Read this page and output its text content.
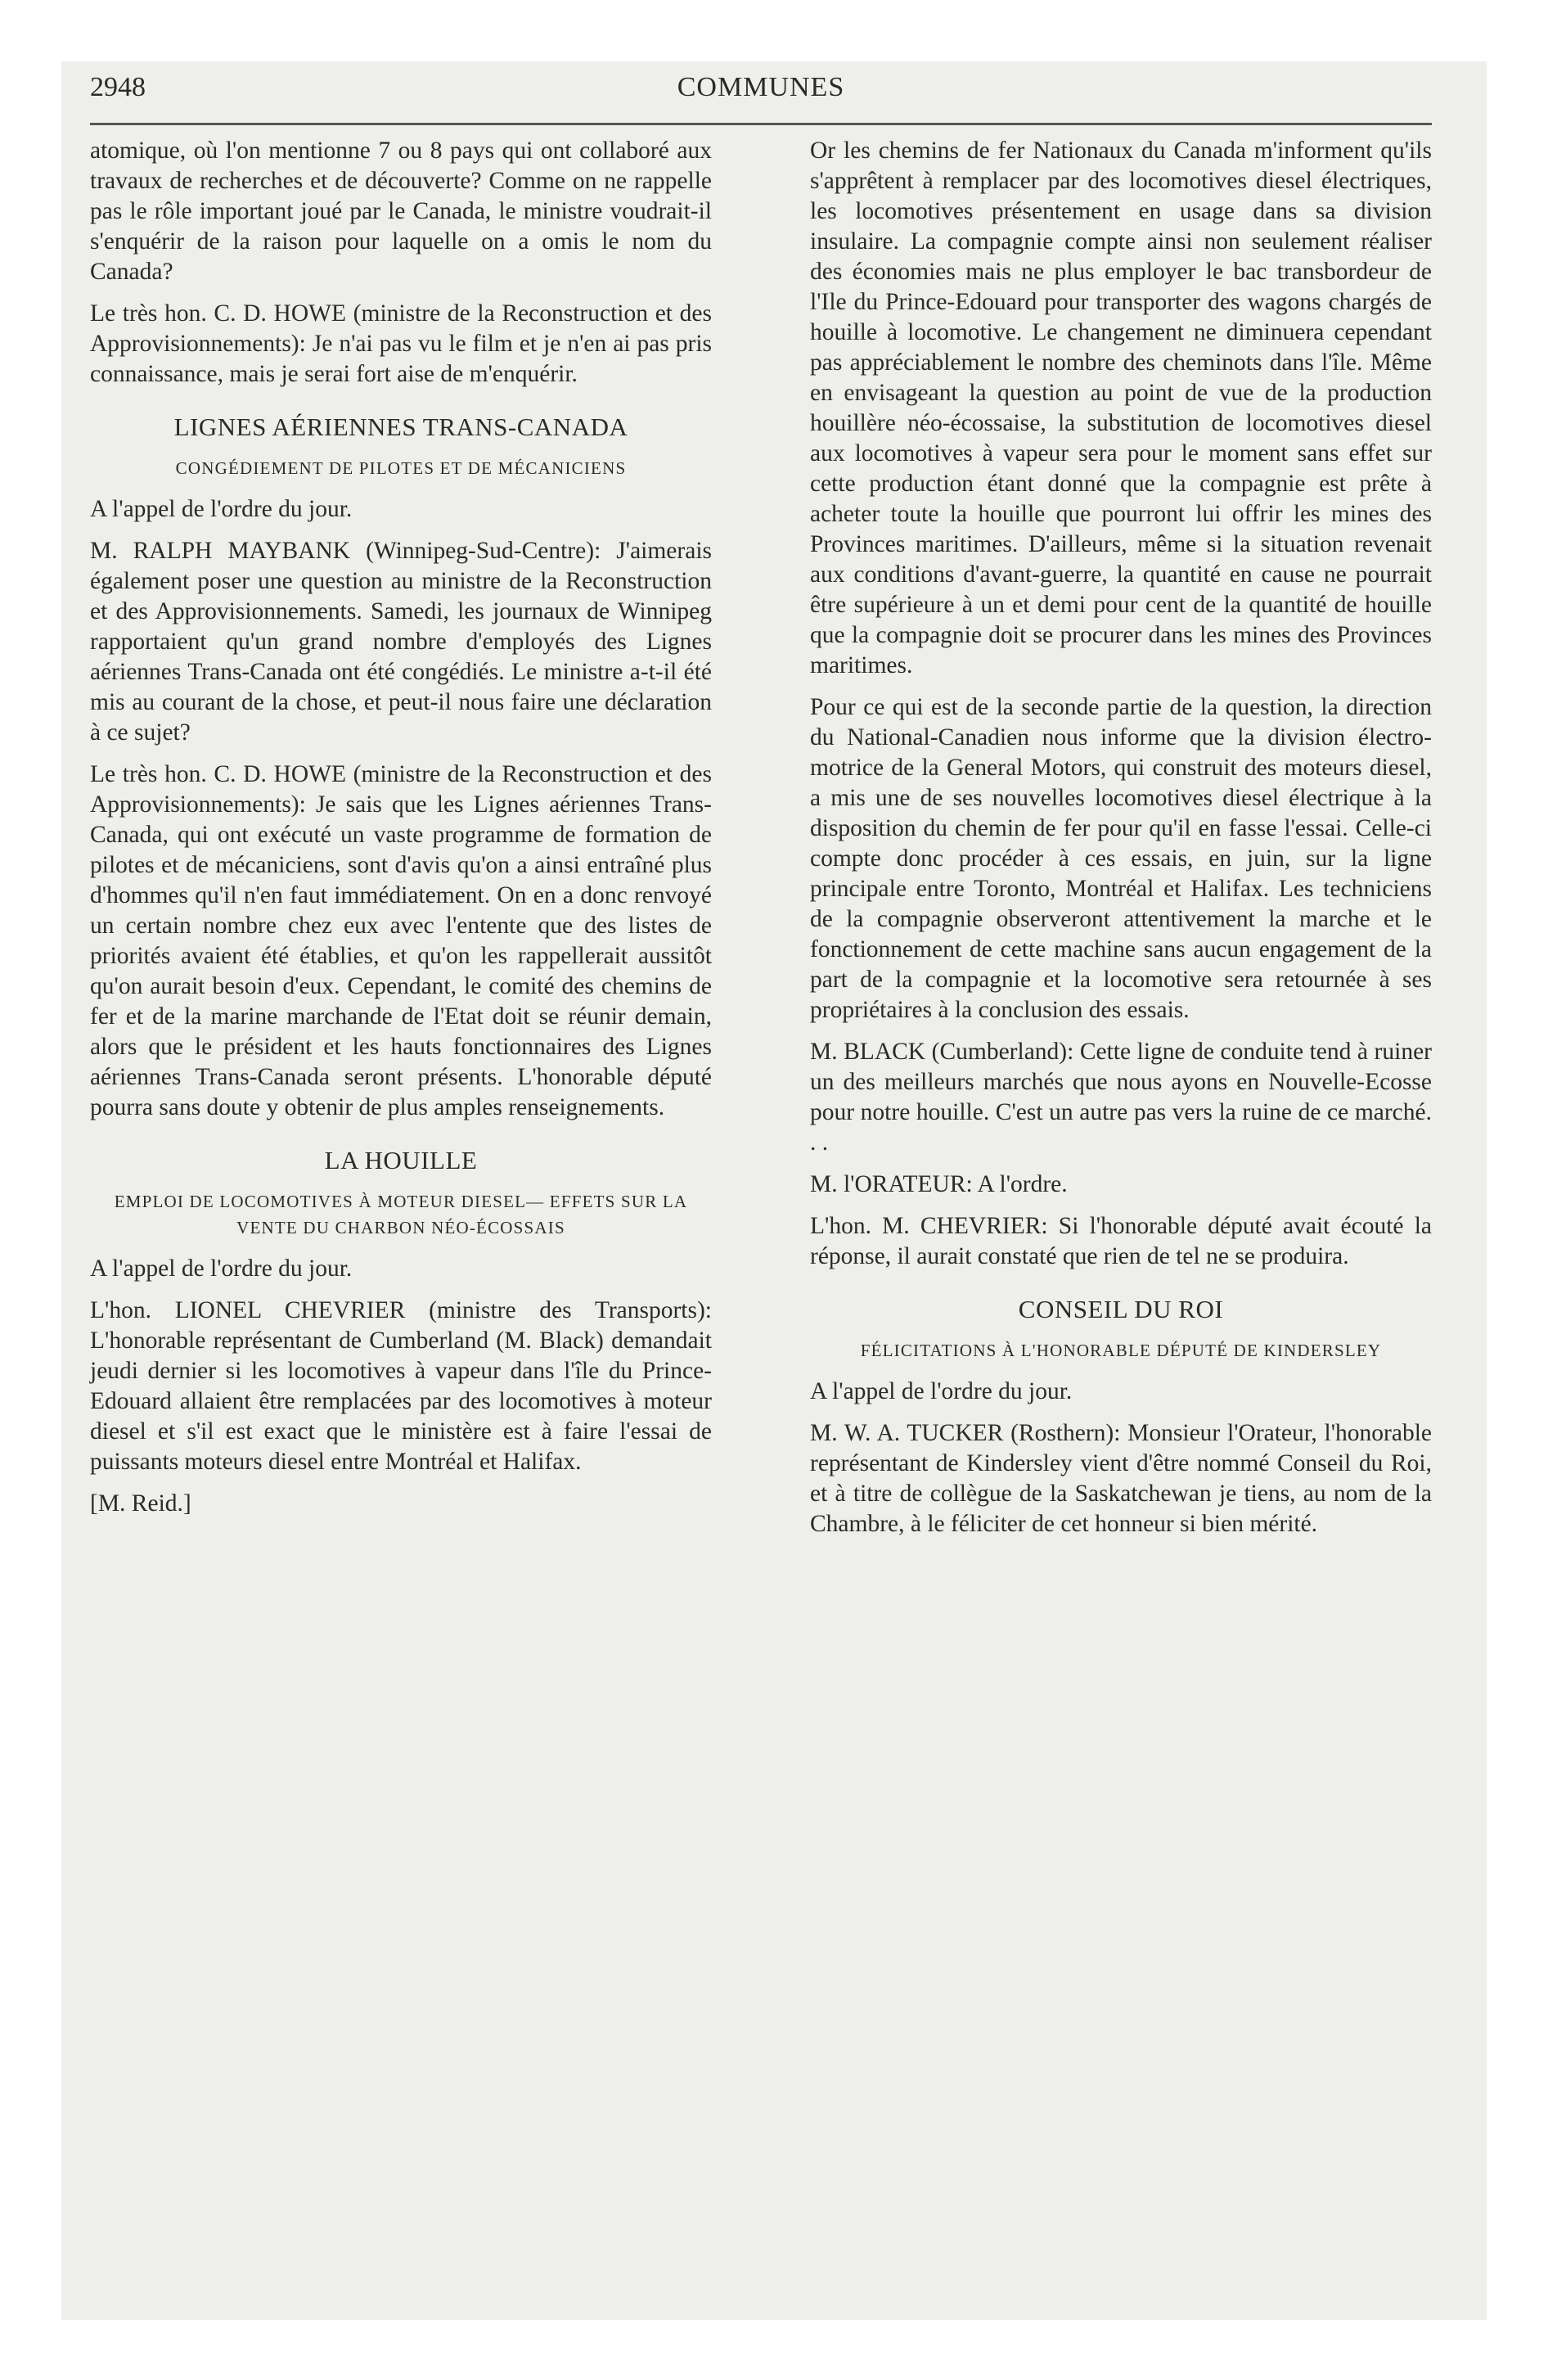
2948	COMMUNES

atomique, où l'on mentionne 7 ou 8 pays qui ont collaboré aux travaux de recherches et de découverte? Comme on ne rappelle pas le rôle important joué par le Canada, le ministre voudrait-il s'enquérir de la raison pour laquelle on a omis le nom du Canada?

Le très hon. C. D. HOWE (ministre de la Reconstruction et des Approvisionnements): Je n'ai pas vu le film et je n'en ai pas pris connaissance, mais je serai fort aise de m'enquérir.

LIGNES AÉRIENNES TRANS-CANADA
CONGÉDIEMENT DE PILOTES ET DE MÉCANICIENS

A l'appel de l'ordre du jour.

M. RALPH MAYBANK (Winnipeg-Sud-Centre): J'aimerais également poser une question au ministre de la Reconstruction et des Approvisionnements. Samedi, les journaux de Winnipeg rapportaient qu'un grand nombre d'employés des Lignes aériennes Trans-Canada ont été congédiés. Le ministre a-t-il été mis au courant de la chose, et peut-il nous faire une déclaration à ce sujet?

Le très hon. C. D. HOWE (ministre de la Reconstruction et des Approvisionnements): Je sais que les Lignes aériennes Trans-Canada, qui ont exécuté un vaste programme de formation de pilotes et de mécaniciens, sont d'avis qu'on a ainsi entraîné plus d'hommes qu'il n'en faut immédiatement. On en a donc renvoyé un certain nombre chez eux avec l'entente que des listes de priorités avaient été établies, et qu'on les rappellerait aussitôt qu'on aurait besoin d'eux. Cependant, le comité des chemins de fer et de la marine marchande de l'Etat doit se réunir demain, alors que le président et les hauts fonctionnaires des Lignes aériennes Trans-Canada seront présents. L'honorable député pourra sans doute y obtenir de plus amples renseignements.

LA HOUILLE
EMPLOI DE LOCOMOTIVES À MOTEUR DIESEL— EFFETS SUR LA VENTE DU CHARBON NÉO-ÉCOSSAIS

A l'appel de l'ordre du jour.

L'hon. LIONEL CHEVRIER (ministre des Transports): L'honorable représentant de Cumberland (M. Black) demandait jeudi dernier si les locomotives à vapeur dans l'île du Prince-Edouard allaient être remplacées par des locomotives à moteur diesel et s'il est exact que le ministère est à faire l'essai de puissants moteurs diesel entre Montréal et Halifax.

[M. Reid.]

Or les chemins de fer Nationaux du Canada m'informent qu'ils s'apprêtent à remplacer par des locomotives diesel électriques, les locomotives présentement en usage dans sa division insulaire. La compagnie compte ainsi non seulement réaliser des économies mais ne plus employer le bac transbordeur de l'Ile du Prince-Edouard pour transporter des wagons chargés de houille à locomotive. Le changement ne diminuera cependant pas appréciablement le nombre des cheminots dans l'île. Même en envisageant la question au point de vue de la production houillère néo-écossaise, la substitution de locomotives diesel aux locomotives à vapeur sera pour le moment sans effet sur cette production étant donné que la compagnie est prête à acheter toute la houille que pourront lui offrir les mines des Provinces maritimes. D'ailleurs, même si la situation revenait aux conditions d'avant-guerre, la quantité en cause ne pourrait être supérieure à un et demi pour cent de la quantité de houille que la compagnie doit se procurer dans les mines des Provinces maritimes.

Pour ce qui est de la seconde partie de la question, la direction du National-Canadien nous informe que la division électro-motrice de la General Motors, qui construit des moteurs diesel, a mis une de ses nouvelles locomotives diesel électrique à la disposition du chemin de fer pour qu'il en fasse l'essai. Celle-ci compte donc procéder à ces essais, en juin, sur la ligne principale entre Toronto, Montréal et Halifax. Les techniciens de la compagnie observeront attentivement la marche et le fonctionnement de cette machine sans aucun engagement de la part de la compagnie et la locomotive sera retournée à ses propriétaires à la conclusion des essais.

M. BLACK (Cumberland): Cette ligne de conduite tend à ruiner un des meilleurs marchés que nous ayons en Nouvelle-Ecosse pour notre houille. C'est un autre pas vers la ruine de ce marché. . .

M. l'ORATEUR: A l'ordre.

L'hon. M. CHEVRIER: Si l'honorable député avait écouté la réponse, il aurait constaté que rien de tel ne se produira.

CONSEIL DU ROI
FÉLICITATIONS À L'HONORABLE DÉPUTÉ DE KINDERSLEY

A l'appel de l'ordre du jour.

M. W. A. TUCKER (Rosthern): Monsieur l'Orateur, l'honorable représentant de Kindersley vient d'être nommé Conseil du Roi, et à titre de collègue de la Saskatchewan je tiens, au nom de la Chambre, à le féliciter de cet honneur si bien mérité.
